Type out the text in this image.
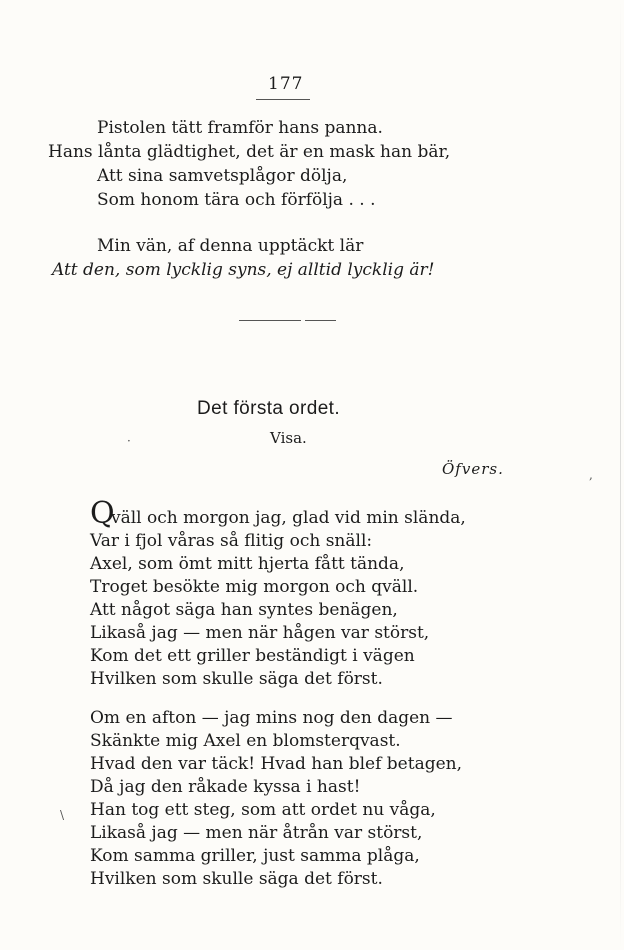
177
Pistolen tätt framför hans panna.
Hans lånta glädtighet, det är en mask han bär,
Att sina samvetsplågor dölja,
Som honom tära och förfölja . . .
Min vän, af denna upptäckt lär
Att den, som lycklig syns, ej alltid lycklig är!
Det första ordet.
Visa.
Öfvers.	,
·
Q
väll och morgon jag, glad vid min slända,
Var i fjol våras så flitig och snäll:
Axel, som ömt mitt hjerta fått tända,
Troget besökte mig morgon och qväll.
Att något säga han syntes benägen,
Likaså jag — men när hågen var störst,
Kom det ett griller beständigt i vägen
Hvilken som skulle säga det först.
Om en afton — jag mins nog den dagen —
Skänkte mig Axel en blomsterqvast.
Hvad den var täck! Hvad han blef betagen,
Då jag den råkade kyssa i hast!
Han tog ett steg, som att ordet nu våga,
Likaså jag — men när åtrån var störst,
Kom samma griller, just samma plåga,
Hvilken som skulle säga det först.
\
